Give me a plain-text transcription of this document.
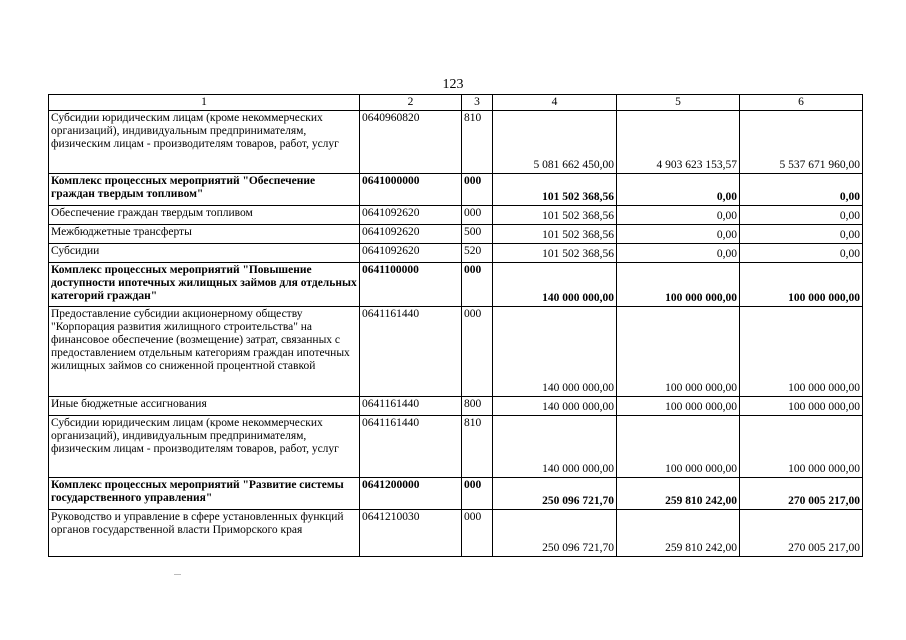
123
1	2	3	4	5	6
Субсидии юридическим лицам (кроме некоммерческих организаций), индивидуальным предпринимателям, физическим лицам - производителям товаров, работ, услуг	0640960820	810	5 081 662 450,00	4 903 623 153,57	5 537 671 960,00
Комплекс процессных мероприятий "Обеспечение граждан твердым топливом"	0641000000	000	101 502 368,56	0,00	0,00
Обеспечение граждан твердым топливом	0641092620	000	101 502 368,56	0,00	0,00
Межбюджетные трансферты	0641092620	500	101 502 368,56	0,00	0,00
Субсидии	0641092620	520	101 502 368,56	0,00	0,00
Комплекс процессных мероприятий "Повышение доступности ипотечных жилищных займов для отдельных категорий граждан"	0641100000	000	140 000 000,00	100 000 000,00	100 000 000,00
Предоставление субсидии акционерному обществу "Корпорация развития жилищного строительства" на финансовое обеспечение (возмещение) затрат, связанных с предоставлением отдельным категориям граждан ипотечных жилищных займов со сниженной процентной ставкой	0641161440	000	140 000 000,00	100 000 000,00	100 000 000,00
Иные бюджетные ассигнования	0641161440	800	140 000 000,00	100 000 000,00	100 000 000,00
Субсидии юридическим лицам (кроме некоммерческих организаций), индивидуальным предпринимателям, физическим лицам - производителям товаров, работ, услуг	0641161440	810	140 000 000,00	100 000 000,00	100 000 000,00
Комплекс процессных мероприятий "Развитие системы государственного управления"	0641200000	000	250 096 721,70	259 810 242,00	270 005 217,00
Руководство и управление в сфере установленных функций органов государственной власти Приморского края	0641210030	000	250 096 721,70	259 810 242,00	270 005 217,00
